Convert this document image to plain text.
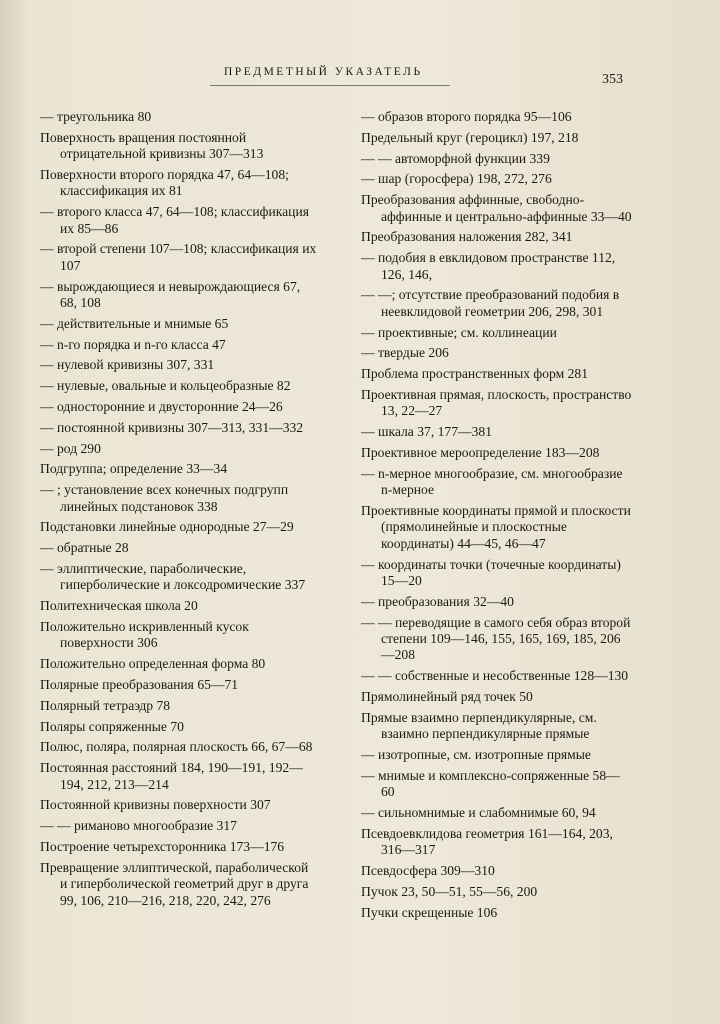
ПРЕДМЕТНЫЙ УКАЗАТЕЛЬ	353
— треугольника 80
Поверхность вращения постоянной отрицательной кривизны 307—313
Поверхности второго порядка 47, 64—108; классификация их 81
— второго класса 47, 64—108; классификация их 85—86
— второй степени 107—108; классификация их 107
— вырождающиеся и невырождающиеся 67, 68, 108
— действительные и мнимые 65
— n-го порядка и n-го класса 47
— нулевой кривизны 307, 331
— нулевые, овальные и кольцеобразные 82
— односторонние и двусторонние 24—26
— постоянной кривизны 307—313, 331—332
— род 290
Подгруппа; определение 33—34
— ; установление всех конечных подгрупп линейных подстановок 338
Подстановки линейные однородные 27—29
— обратные 28
— эллиптические, параболические, гиперболические и локсодромические 337
Политехническая школа 20
Положительно искривленный кусок поверхности 306
Положительно определенная форма 80
Полярные преобразования 65—71
Полярный тетраэдр 78
Поляры сопряженные 70
Полюс, поляра, полярная плоскость 66, 67—68
Постоянная расстояний 184, 190—191, 192—194, 212, 213—214
Постоянной кривизны поверхности 307
— — риманово многообразие 317
Построение четырехсторонника 173—176
Превращение эллиптической, параболической и гиперболической геометрий друг в друга 99, 106, 210—216, 218, 220, 242, 276
— образов второго порядка 95—106
Предельный круг (героцикл) 197, 218
— — автоморфной функции 339
— шар (горосфера) 198, 272, 276
Преобразования аффинные, свободно-аффинные и центрально-аффинные 33—40
Преобразования наложения 282, 341
— подобия в евклидовом пространстве 112, 126, 146,
— —; отсутствие преобразований подобия в неевклидовой геометрии 206, 298, 301
— проективные; см. коллинеации
— твердые 206
Проблема пространственных форм 281
Проективная прямая, плоскость, пространство 13, 22—27
— шкала 37, 177—381
Проективное мероопределение 183—208
— n-мерное многообразие, см. многообразие n-мерное
Проективные координаты прямой и плоскости (прямолинейные и плоскостные координаты) 44—45, 46—47
— координаты точки (точечные координаты) 15—20
— преобразования 32—40
— — переводящие в самого себя образ второй степени 109—146, 155, 165, 169, 185, 206—208
— — собственные и несобственные 128—130
Прямолинейный ряд точек 50
Прямые взаимно перпендикулярные, см. взаимно перпендикулярные прямые
— изотропные, см. изотропные прямые
— мнимые и комплексно-сопряженные 58—60
— сильномнимые и слабомнимые 60, 94
Псевдоевклидова геометрия 161—164, 203, 316—317
Псевдосфера 309—310
Пучок 23, 50—51, 55—56, 200
Пучки скрещенные 106
